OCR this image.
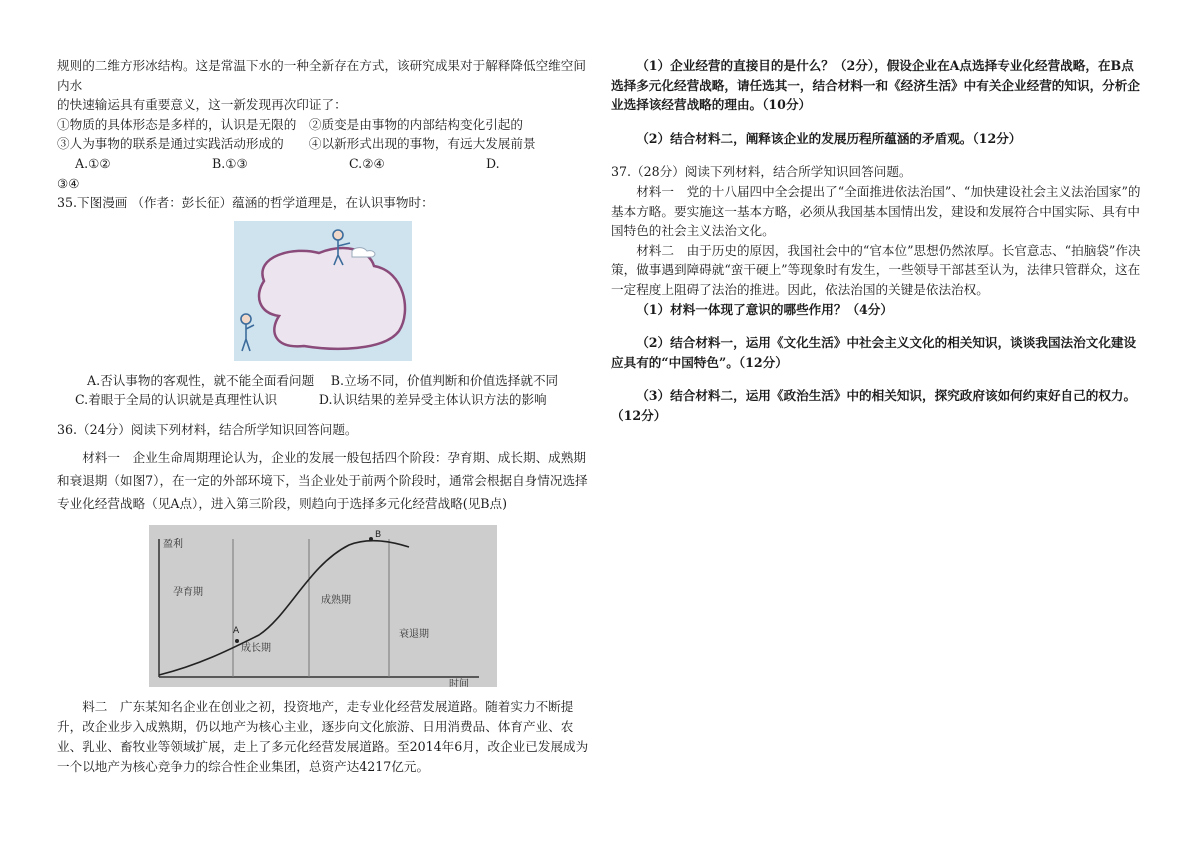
规则的二维方形冰结构。这是常温下水的一种全新存在方式，该研究成果对于解释降低空维空间内水

的快速输运具有重要意义，这一新发现再次印证了：

①物质的具体形态是多样的，认识是无限的　②质变是由事物的内部结构变化引起的

③人为事物的联系是通过实践活动形成的　　④以新形式出现的事物，有远大发展前景

A.①②	B.①③	C.②④	D.

③④

35.下图漫画 （作者：彭长征）蕴涵的哲学道理是，在认识事物时：

A.否认事物的客观性，就不能全面看问题　 B.立场不同，价值判断和价值选择就不同

C.着眼于全局的认识就是真理性认识　　　 D.认识结果的差异受主体认识方法的影响

36.（24分）阅读下列材料，结合所学知识回答问题。

材料一　企业生命周期理论认为，企业的发展一般包括四个阶段：孕育期、成长期、成熟期和衰退期（如图7），在一定的外部环境下，当企业处于前两个阶段时，通常会根据自身情况选择专业化经营战略（见A点），进入第三阶段，则趋向于选择多元化经营战略(见B点)

盈利
时间
孕育期
成长期
成熟期
衰退期
A
B

料二　广东某知名企业在创业之初，投资地产，走专业化经营发展道路。随着实力不断提升，改企业步入成熟期，仍以地产为核心主业，逐步向文化旅游、日用消费品、体育产业、农业、乳业、畜牧业等领域扩展，走上了多元化经营发展道路。至2014年6月，改企业已发展成为一个以地产为核心竞争力的综合性企业集团，总资产达4217亿元。

（1）企业经营的直接目的是什么？（2分），假设企业在A点选择专业化经营战略，在B点选择多元化经营战略，请任选其一，结合材料一和《经济生活》中有关企业经营的知识，分析企业选择该经营战略的理由。（10分）

（2）结合材料二，阐释该企业的发展历程所蕴涵的矛盾观。（12分）

37.（28分）阅读下列材料，结合所学知识回答问题。

材料一　党的十八届四中全会提出了“全面推进依法治国”、“加快建设社会主义法治国家”的基本方略。要实施这一基本方略，必须从我国基本国情出发，建设和发展符合中国实际、具有中国特色的社会主义法治文化。

材料二　由于历史的原因，我国社会中的“官本位”思想仍然浓厚。长官意志、“拍脑袋”作决策，做事遇到障碍就“蛮干硬上”等现象时有发生，一些领导干部甚至认为，法律只管群众，这在一定程度上阻碍了法治的推进。因此，依法治国的关键是依法治权。

（1）材料一体现了意识的哪些作用？（4分）

（2）结合材料一，运用《文化生活》中社会主义文化的相关知识，谈谈我国法治文化建设应具有的“中国特色”。（12分）

（3）结合材料二，运用《政治生活》中的相关知识，探究政府该如何约束好自己的权力。（12分）
